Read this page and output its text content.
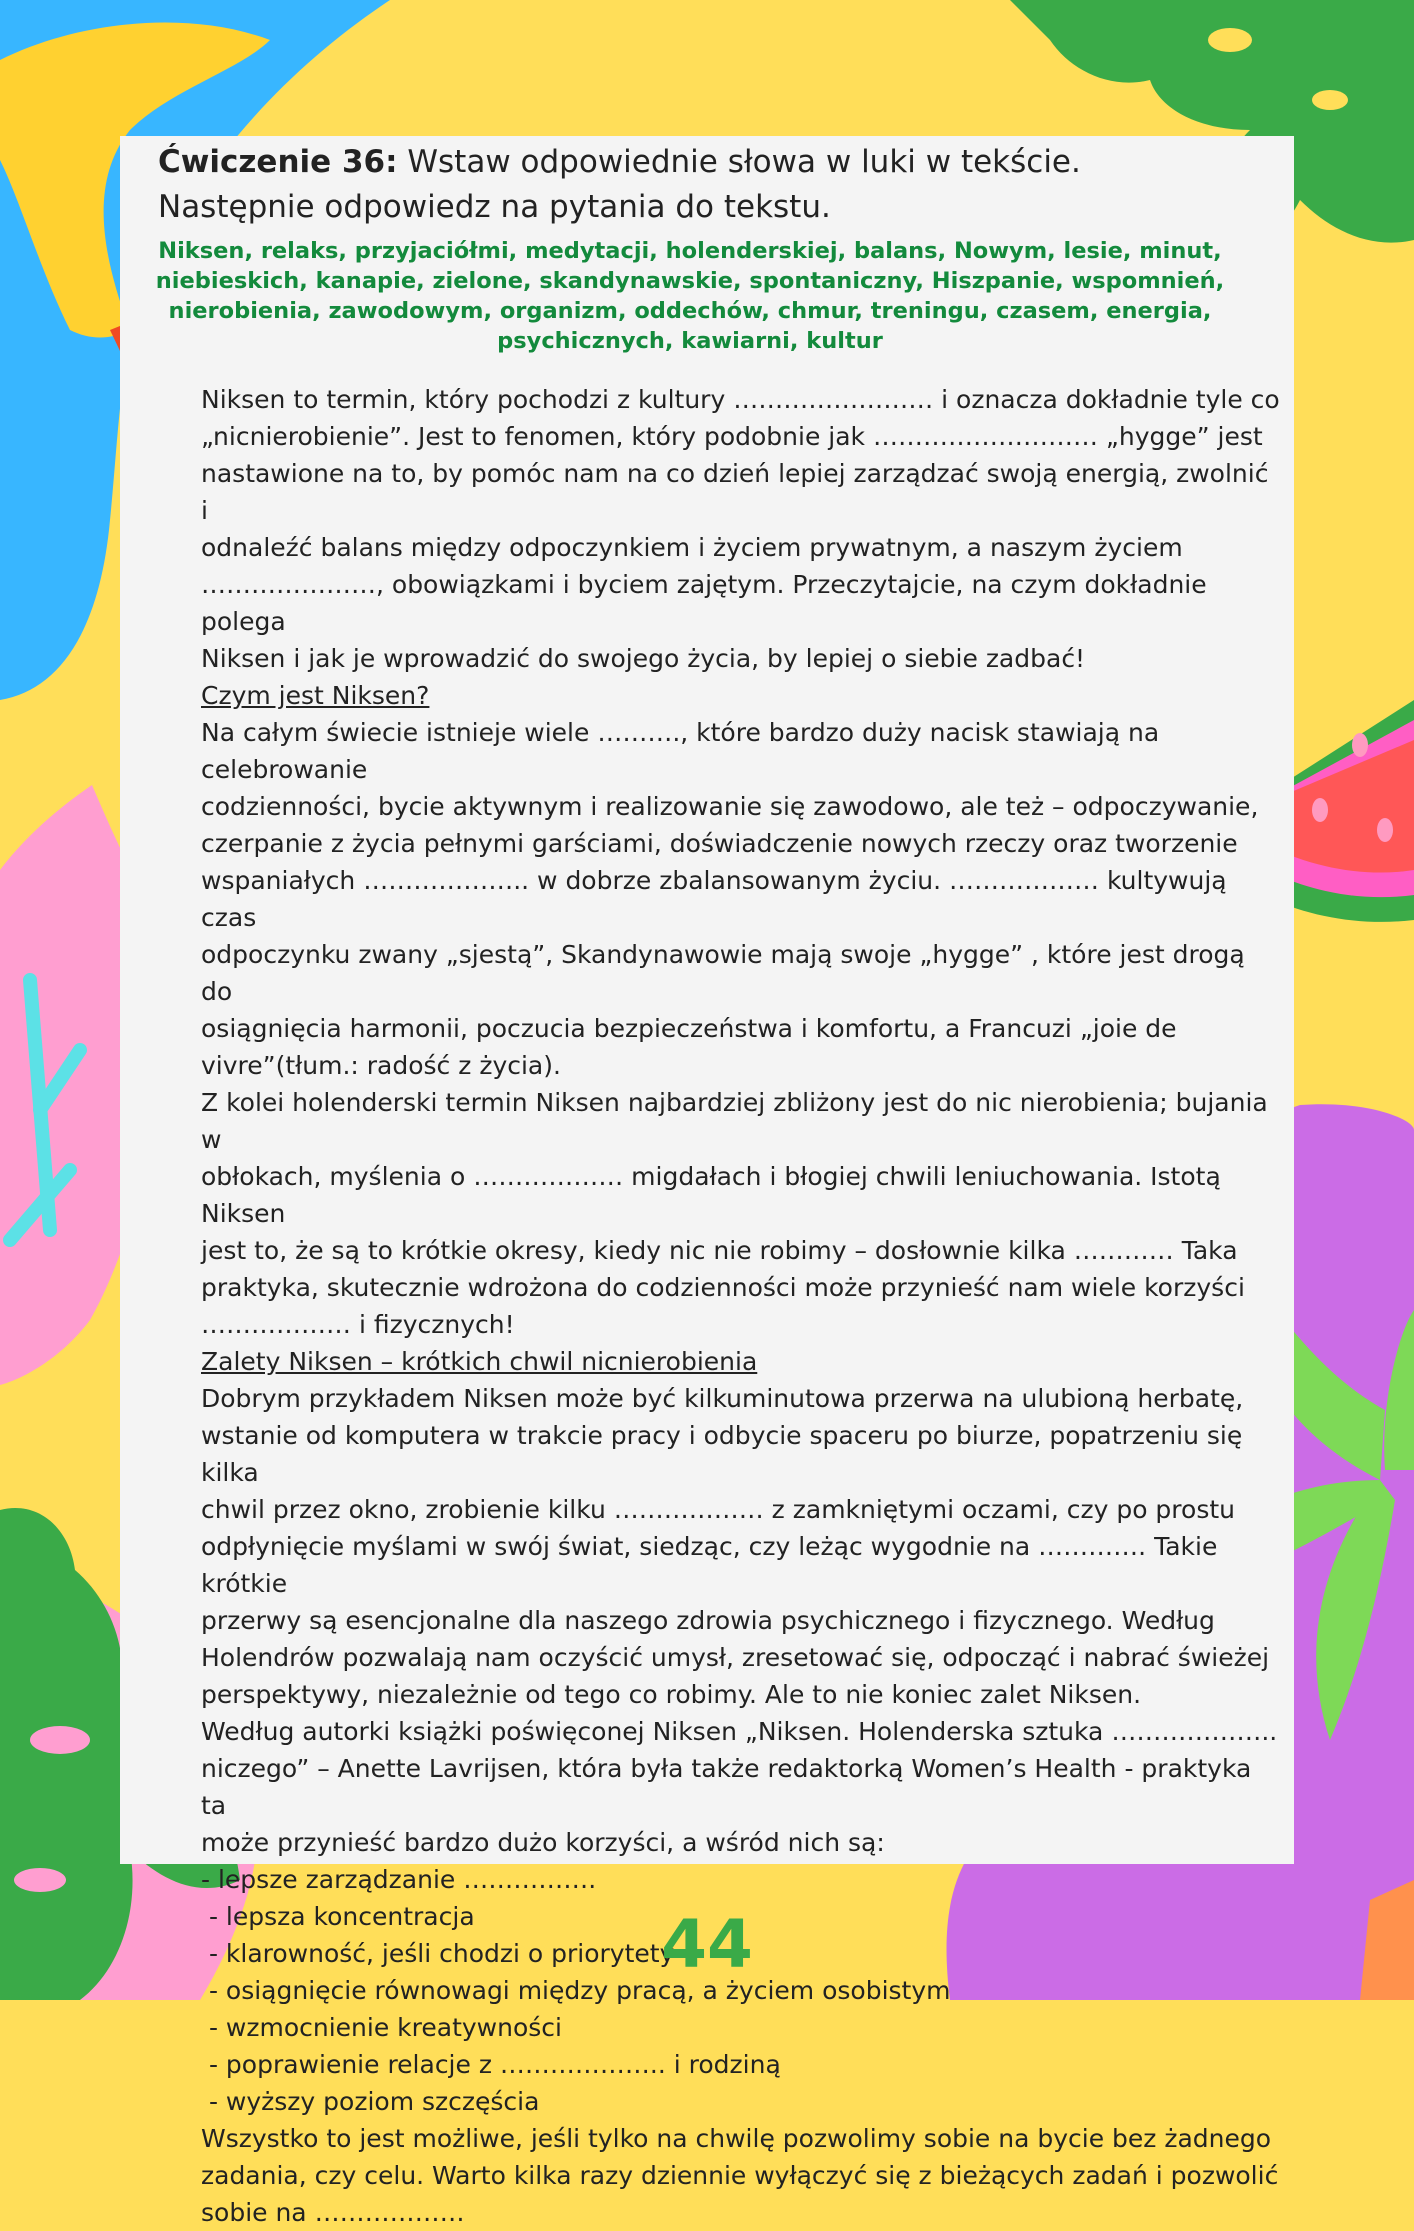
Ćwiczenie 36: Wstaw odpowiednie słowa w luki w tekście.
Następnie odpowiedz na pytania do tekstu.
Niksen, relaks, przyjaciółmi, medytacji, holenderskiej, balans, Nowym, lesie, minut,
niebieskich, kanapie, zielone, skandynawskie, spontaniczny, Hiszpanie, wspomnień,
nierobienia, zawodowym, organizm, oddechów, chmur, treningu, czasem, energia,
psychicznych, kawiarni, kultur

Niksen to termin, który pochodzi z kultury …………………… i oznacza dokładnie tyle co

„nicnierobienie”. Jest to fenomen, który podobnie jak ……………………… „hygge” jest

nastawione na to, by pomóc nam na co dzień lepiej zarządzać swoją energią, zwolnić i

odnaleźć balans między odpoczynkiem i życiem prywatnym, a naszym życiem

…………………, obowiązkami i byciem zajętym. Przeczytajcie, na czym dokładnie polega

Niksen i jak je wprowadzić do swojego życia, by lepiej o siebie zadbać!

Czym jest Niksen?

Na całym świecie istnieje wiele ………., które bardzo duży nacisk stawiają na celebrowanie

codzienności, bycie aktywnym i realizowanie się zawodowo, ale też – odpoczywanie,

czerpanie z życia pełnymi garściami, doświadczenie nowych rzeczy oraz tworzenie

wspaniałych ……………….. w dobrze zbalansowanym życiu. ……………… kultywują czas

odpoczynku zwany „sjestą”, Skandynawowie mają swoje „hygge” , które jest drogą do

osiągnięcia harmonii, poczucia bezpieczeństwa i komfortu, a Francuzi „joie de

vivre”(tłum.: radość z życia).

Z kolei holenderski termin Niksen najbardziej zbliżony jest do nic nierobienia; bujania w

obłokach, myślenia o ……………… migdałach i błogiej chwili leniuchowania. Istotą Niksen

jest to, że są to krótkie okresy, kiedy nic nie robimy – dosłownie kilka ………… Taka

praktyka, skutecznie wdrożona do codzienności może przynieść nam wiele korzyści

……………… i fizycznych!

Zalety Niksen – krótkich chwil nicnierobienia

Dobrym przykładem Niksen może być kilkuminutowa przerwa na ulubioną herbatę,

wstanie od komputera w trakcie pracy i odbycie spaceru po biurze, popatrzeniu się kilka

chwil przez okno, zrobienie kilku ……………… z zamkniętymi oczami, czy po prostu

odpłynięcie myślami w swój świat, siedząc, czy leżąc wygodnie na …………. Takie krótkie

przerwy są esencjonalne dla naszego zdrowia psychicznego i fizycznego. Według

Holendrów pozwalają nam oczyścić umysł, zresetować się, odpocząć i nabrać świeżej

perspektywy, niezależnie od tego co robimy. Ale to nie koniec zalet Niksen.

Według autorki książki poświęconej Niksen „Niksen. Holenderska sztuka ………………..

niczego” – Anette Lavrijsen, która była także redaktorką Women’s Health - praktyka ta

może przynieść bardzo dużo korzyści, a wśród nich są:

- lepsze zarządzanie …………….

- lepsza koncentracja

- klarowność, jeśli chodzi o priorytety

- osiągnięcie równowagi między pracą, a życiem osobistym

- wzmocnienie kreatywności

- poprawienie relacje z ……………….. i rodziną

- wyższy poziom szczęścia

Wszystko to jest możliwe, jeśli tylko na chwilę pozwolimy sobie na bycie bez żadnego

zadania, czy celu. Warto kilka razy dziennie wyłączyć się z bieżących zadań i pozwolić

sobie na ………………

44
